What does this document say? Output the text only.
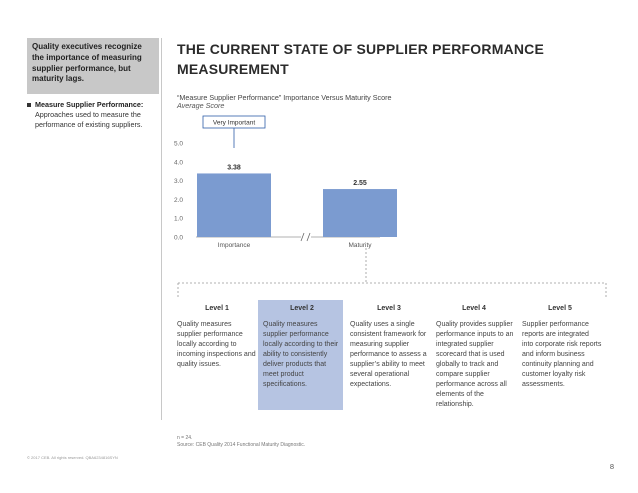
Quality executives recognize the importance of measuring supplier performance, but maturity lags.
Measure Supplier Performance:
Approaches used to measure the performance of existing suppliers.
THE CURRENT STATE OF SUPPLIER PERFORMANCE
MEASUREMENT
“Measure Supplier Performance” Importance Versus Maturity Score
Average Score
0.0
1.0
2.0
3.0
4.0
5.0
3.38
Importance
2.55
Maturity
Very Important
Level 1
Quality measures supplier performance locally according to incoming inspections and quality issues.
Level 2
Quality measures supplier performance locally according to their ability to consistently deliver products that meet product specifications.
Level 3
Quality uses a single consistent framework for measuring supplier performance to assess a supplier’s ability to meet several operational expectations.
Level 4
Quality provides supplier performance inputs to an integrated supplier scorecard that is used globally to track and compare supplier performance across all elements of the relationship.
Level 5
Supplier performance reports are integrated into corporate risk reports and inform business continuity planning and customer loyalty risk assessments.
n = 24.
Source: CEB Quality 2014 Functional Maturity Diagnostic.
© 2017 CEB. All rights reserved. QBA6234816SYN
8
